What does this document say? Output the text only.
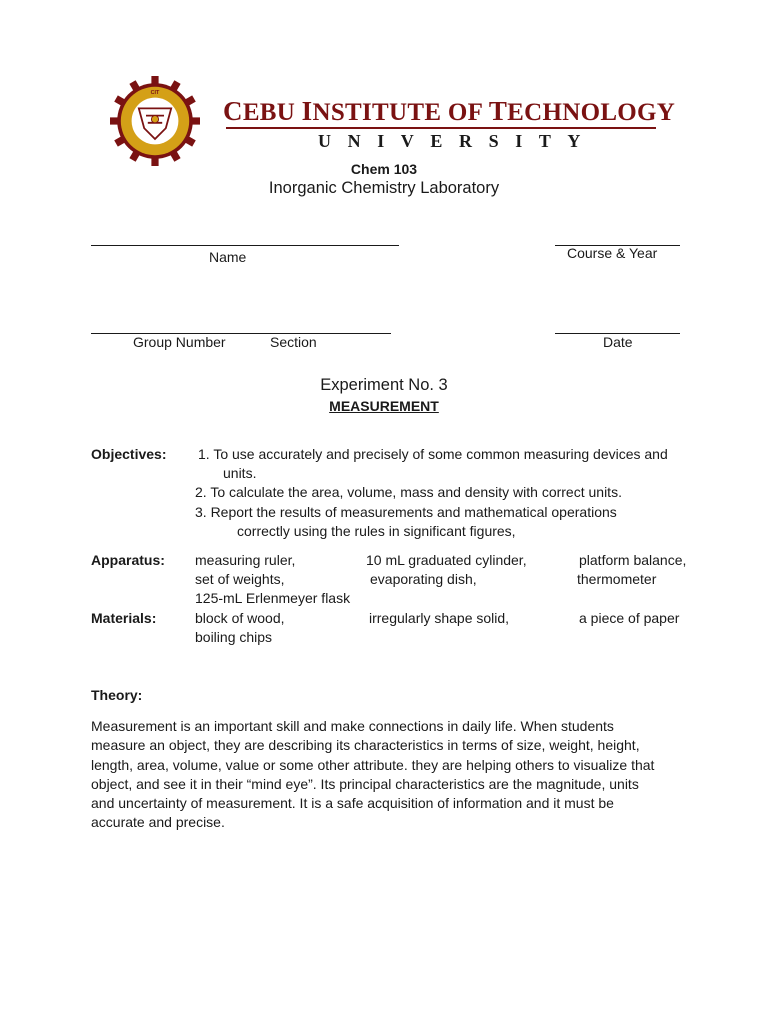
CIT
CEBU INSTITUTE OF TECHNOLOGY
UNIVERSITY
Chem 103
Inorganic Chemistry Laboratory
Name	Course & Year
Group Number	Section	Date
Experiment No. 3
MEASUREMENT
Objectives: 1. To use accurately and precisely of some common measuring devices and
units.
2. To calculate the area, volume, mass and density with correct units.
3. Report the results of measurements and mathematical operations
correctly using the rules in significant figures,
Apparatus: measuring ruler,	10 mL graduated cylinder,	platform balance,
set of weights,	evaporating dish,	thermometer
125-mL Erlenmeyer flask
Materials:	block of wood,	irregularly shape solid,	a piece of paper
boiling chips
Theory:
Measurement is an important skill and make connections in daily life. When students
measure an object, they are describing its characteristics in terms of size, weight, height,
length, area, volume, value or some other attribute. they are helping others to visualize that
object, and see it in their “mind eye”. Its principal characteristics are the magnitude, units
and uncertainty of measurement. It is a safe acquisition of information and it must be
accurate and precise.
